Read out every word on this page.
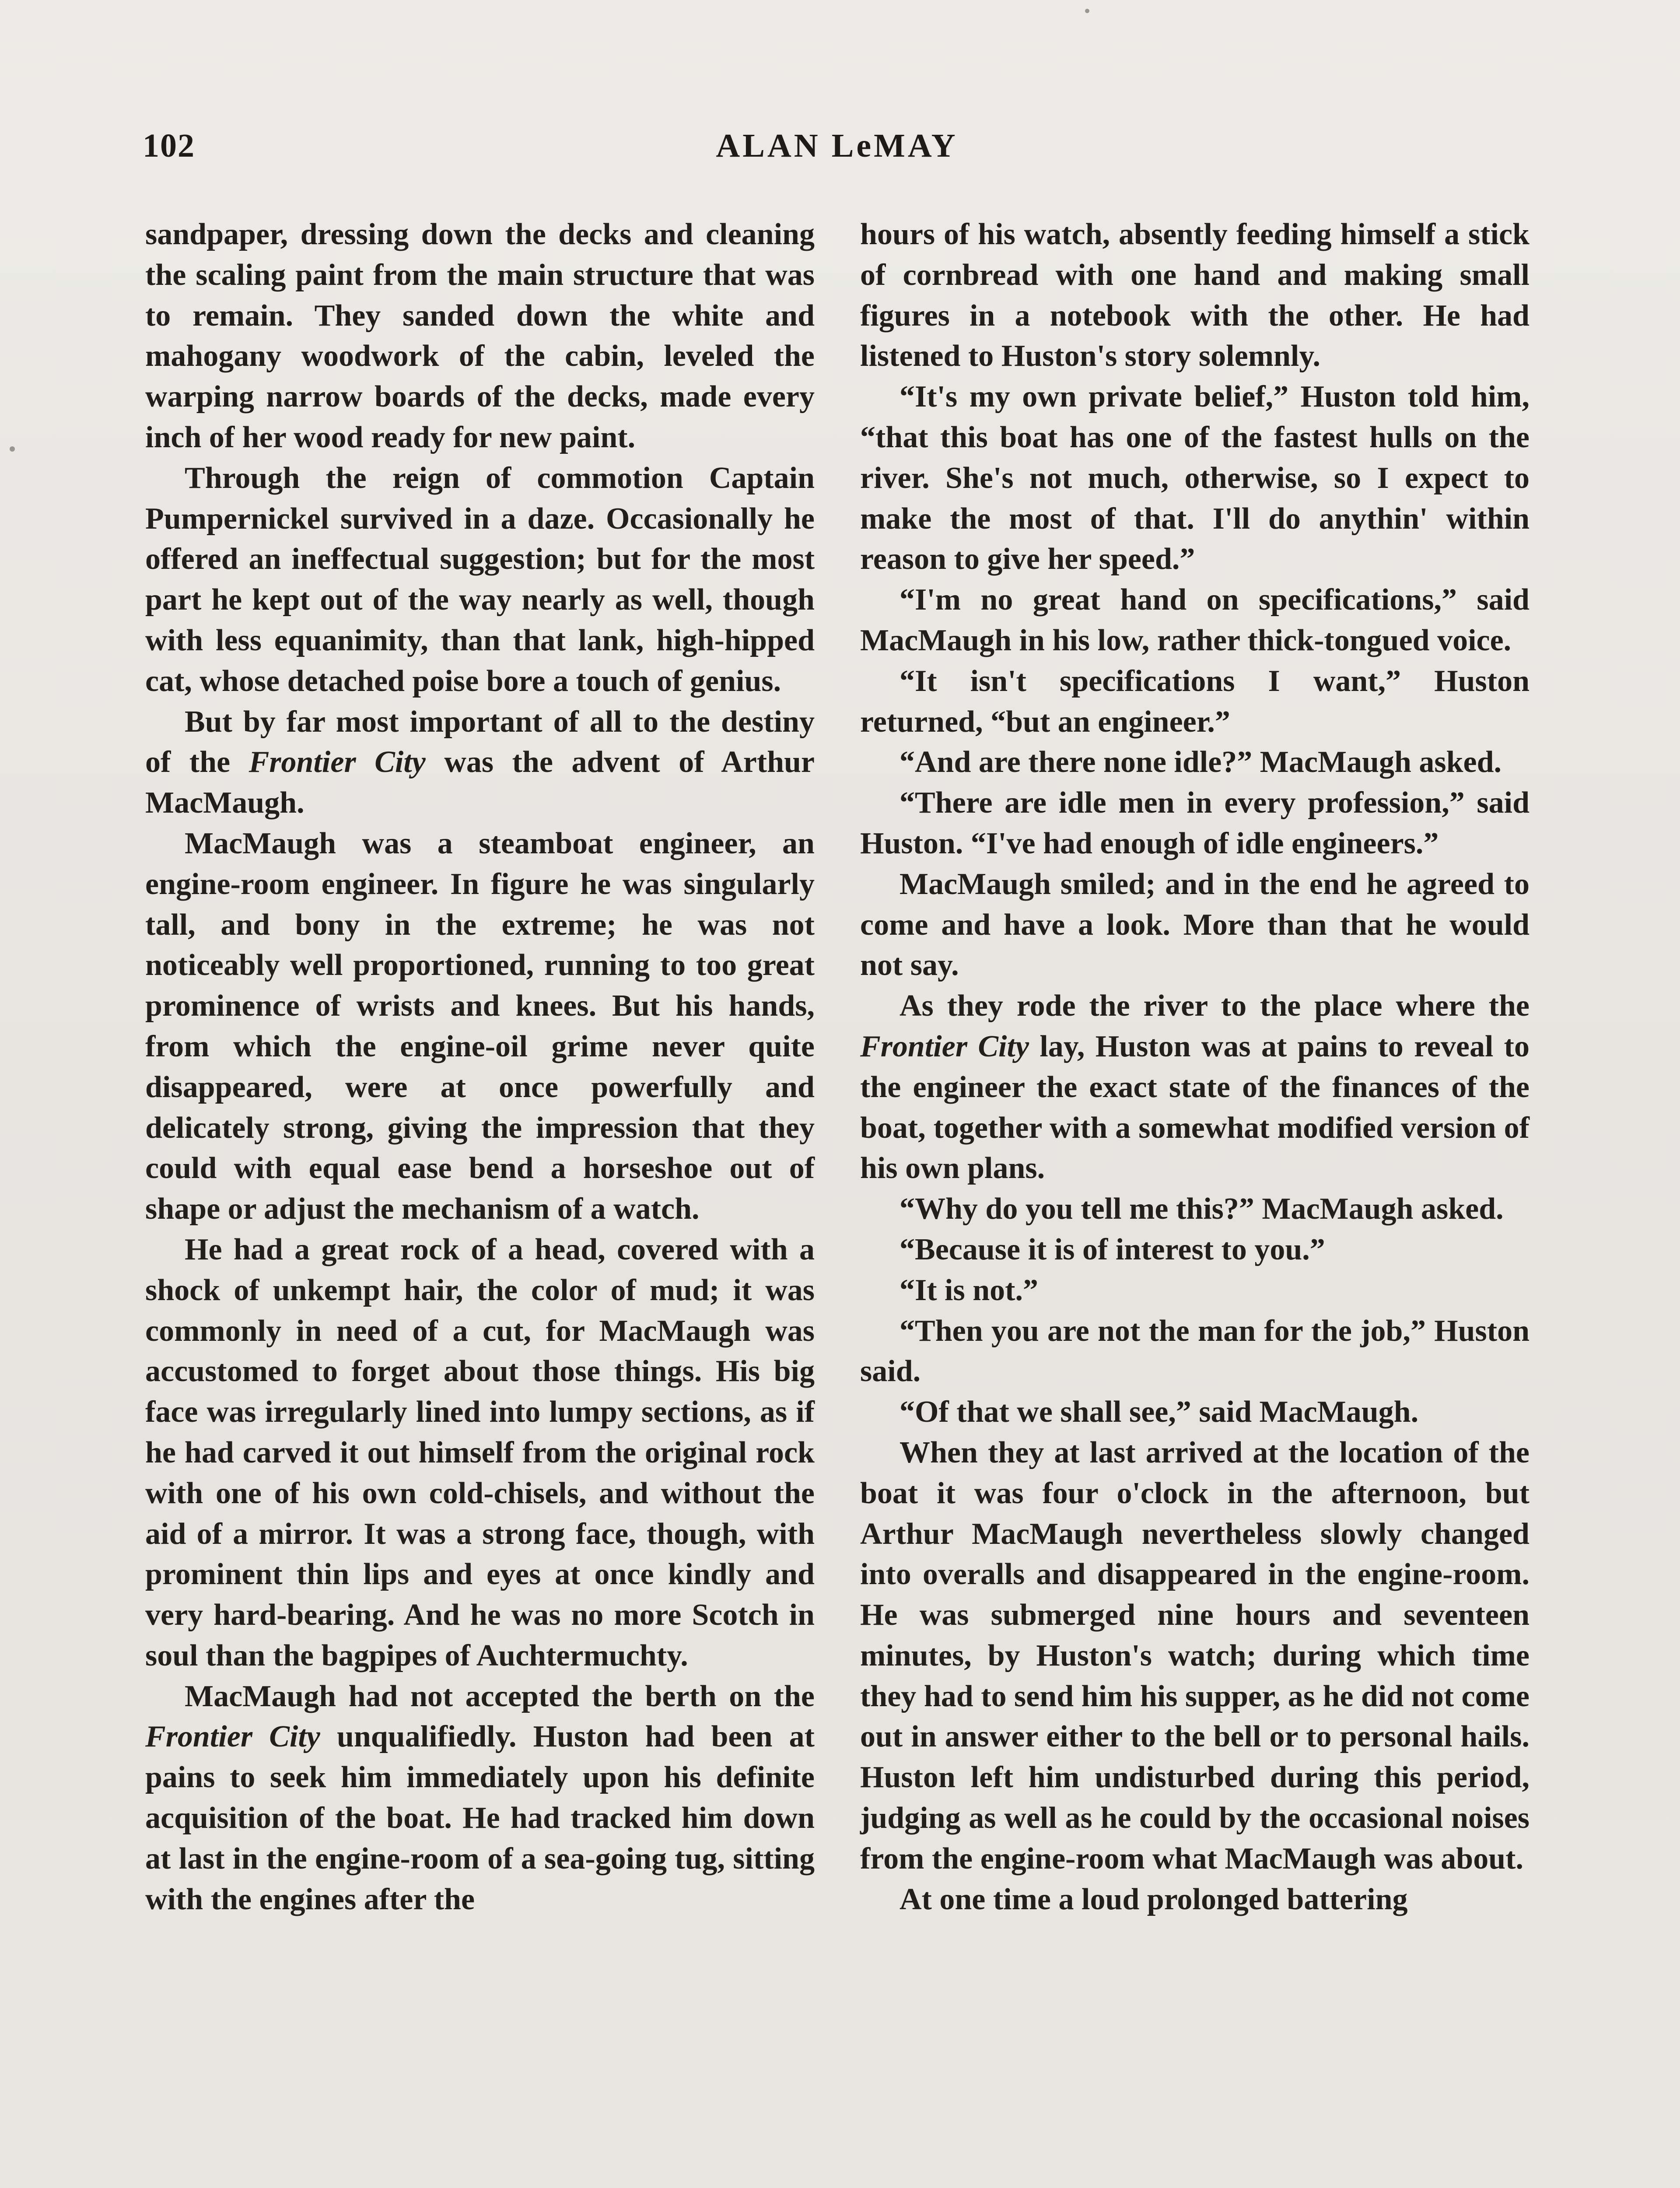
102	ALAN LeMAY

sandpaper, dressing down the decks and cleaning the scaling paint from the main structure that was to remain. They sanded down the white and mahogany woodwork of the cabin, leveled the warping narrow boards of the decks, made every inch of her wood ready for new paint.

Through the reign of commotion Captain Pumpernickel survived in a daze. Occasionally he offered an ineffectual suggestion; but for the most part he kept out of the way nearly as well, though with less equanimity, than that lank, high-hipped cat, whose detached poise bore a touch of genius.

But by far most important of all to the destiny of the Frontier City was the advent of Arthur MacMaugh.

MacMaugh was a steamboat engineer, an engine-room engineer. In figure he was singularly tall, and bony in the extreme; he was not noticeably well proportioned, running to too great prominence of wrists and knees. But his hands, from which the engine-oil grime never quite disappeared, were at once powerfully and delicately strong, giving the impression that they could with equal ease bend a horseshoe out of shape or adjust the mechanism of a watch.

He had a great rock of a head, covered with a shock of unkempt hair, the color of mud; it was commonly in need of a cut, for MacMaugh was accustomed to forget about those things. His big face was irregularly lined into lumpy sections, as if he had carved it out himself from the original rock with one of his own cold-chisels, and without the aid of a mirror. It was a strong face, though, with prominent thin lips and eyes at once kindly and very hard-bearing. And he was no more Scotch in soul than the bagpipes of Auchtermuchty.

MacMaugh had not accepted the berth on the Frontier City unqualifiedly. Huston had been at pains to seek him immediately upon his definite acquisition of the boat. He had tracked him down at last in the engine-room of a sea-going tug, sitting with the engines after the

hours of his watch, absently feeding himself a stick of cornbread with one hand and making small figures in a notebook with the other. He had listened to Huston's story solemnly.

“It's my own private belief,” Huston told him, “that this boat has one of the fastest hulls on the river. She's not much, otherwise, so I expect to make the most of that. I'll do anythin' within reason to give her speed.”

“I'm no great hand on specifications,” said MacMaugh in his low, rather thick-tongued voice.

“It isn't specifications I want,” Huston returned, “but an engineer.”

“And are there none idle?” MacMaugh asked.

“There are idle men in every profession,” said Huston. “I've had enough of idle engineers.”

MacMaugh smiled; and in the end he agreed to come and have a look. More than that he would not say.

As they rode the river to the place where the Frontier City lay, Huston was at pains to reveal to the engineer the exact state of the finances of the boat, together with a somewhat modified version of his own plans.

“Why do you tell me this?” MacMaugh asked.

“Because it is of interest to you.”

“It is not.”

“Then you are not the man for the job,” Huston said.

“Of that we shall see,” said MacMaugh.

When they at last arrived at the location of the boat it was four o'clock in the afternoon, but Arthur MacMaugh nevertheless slowly changed into overalls and disappeared in the engine-room. He was submerged nine hours and seventeen minutes, by Huston's watch; during which time they had to send him his supper, as he did not come out in answer either to the bell or to personal hails. Huston left him undisturbed during this period, judging as well as he could by the occasional noises from the engine-room what MacMaugh was about.

At one time a loud prolonged battering
